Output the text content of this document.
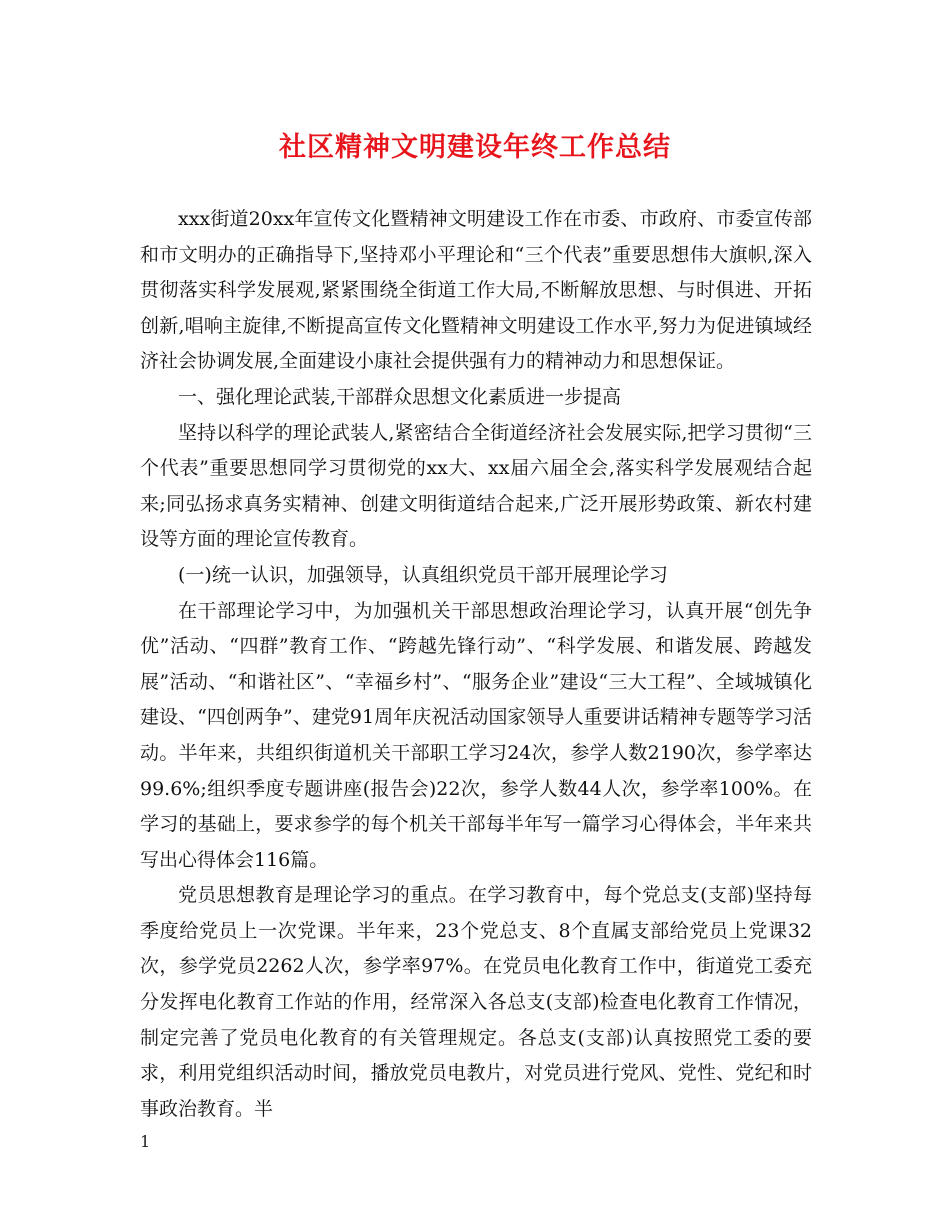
社区精神文明建设年终工作总结

xxx街道20xx年宣传文化暨精神文明建设工作在市委、市政府、市委宣传部和市文明办的正确指导下,坚持邓小平理论和“三个代表”重要思想伟大旗帜,深入贯彻落实科学发展观,紧紧围绕全街道工作大局,不断解放思想、与时俱进、开拓创新,唱响主旋律,不断提高宣传文化暨精神文明建设工作水平,努力为促进镇域经济社会协调发展,全面建设小康社会提供强有力的精神动力和思想保证。

一、强化理论武装,干部群众思想文化素质进一步提高

坚持以科学的理论武装人,紧密结合全街道经济社会发展实际,把学习贯彻“三个代表”重要思想同学习贯彻党的xx大、xx届六届全会,落实科学发展观结合起来;同弘扬求真务实精神、创建文明街道结合起来,广泛开展形势政策、新农村建设等方面的理论宣传教育。

(一)统一认识，加强领导，认真组织党员干部开展理论学习

在干部理论学习中，为加强机关干部思想政治理论学习，认真开展“创先争优”活动、“四群”教育工作、“跨越先锋行动”、“科学发展、和谐发展、跨越发展”活动、“和谐社区”、“幸福乡村”、“服务企业”建设“三大工程”、全域城镇化建设、“四创两争”、建党91周年庆祝活动国家领导人重要讲话精神专题等学习活动。半年来，共组织街道机关干部职工学习24次，参学人数2190次，参学率达99.6%;组织季度专题讲座(报告会)22次，参学人数44人次，参学率100%。在学习的基础上，要求参学的每个机关干部每半年写一篇学习心得体会，半年来共写出心得体会116篇。

党员思想教育是理论学习的重点。在学习教育中，每个党总支(支部)坚持每季度给党员上一次党课。半年来，23个党总支、8个直属支部给党员上党课32次，参学党员2262人次，参学率97%。在党员电化教育工作中，街道党工委充分发挥电化教育工作站的作用，经常深入各总支(支部)检查电化教育工作情况，制定完善了党员电化教育的有关管理规定。各总支(支部)认真按照党工委的要求，利用党组织活动时间，播放党员电教片，对党员进行党风、党性、党纪和时事政治教育。半

1
